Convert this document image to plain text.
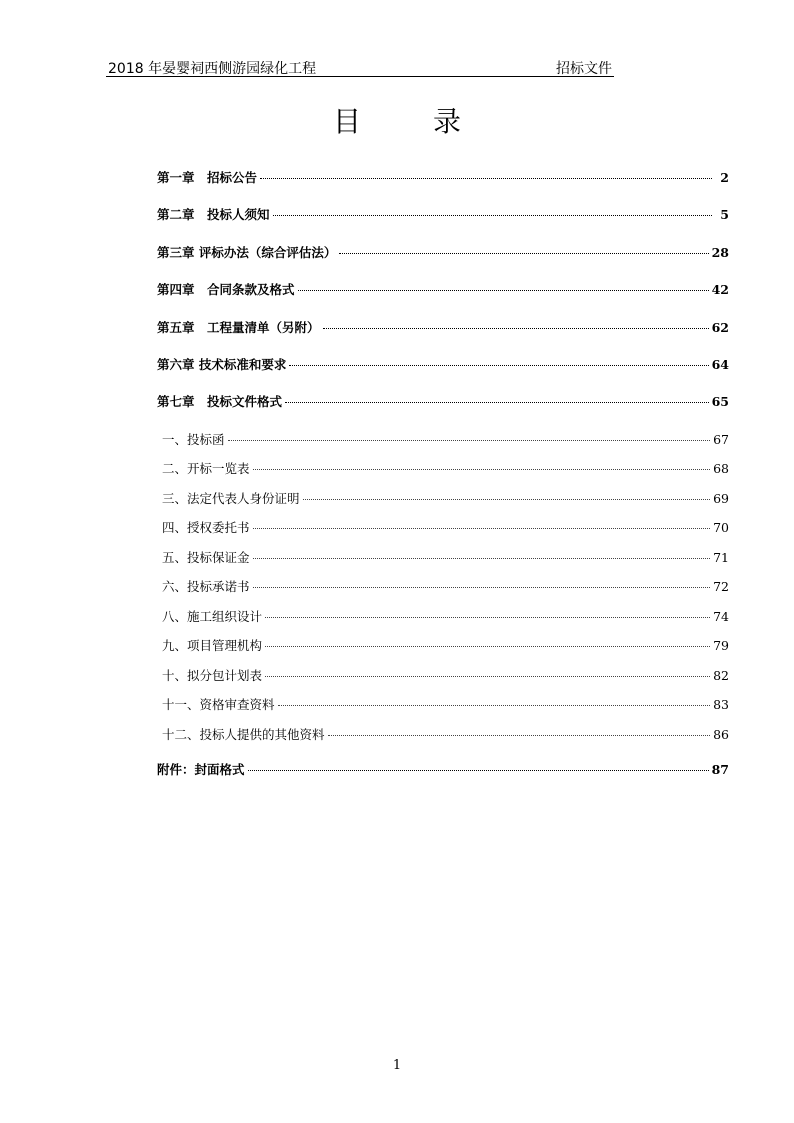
2018 年晏婴祠西侧游园绿化工程	招标文件
目录
第一章　招标公告	2
第二章　投标人须知	5
第三章 评标办法（综合评估法）	28
第四章　合同条款及格式	42
第五章　工程量清单（另附）	62
第六章 技术标准和要求	64
第七章　投标文件格式	65
一、投标函	67
二、开标一览表	68
三、法定代表人身份证明	69
四、授权委托书	70
五、投标保证金	71
六、投标承诺书	72
八、施工组织设计	74
九、项目管理机构	79
十、拟分包计划表	82
十一、资格审查资料	83
十二、投标人提供的其他资料	86
附件：封面格式	87
1
